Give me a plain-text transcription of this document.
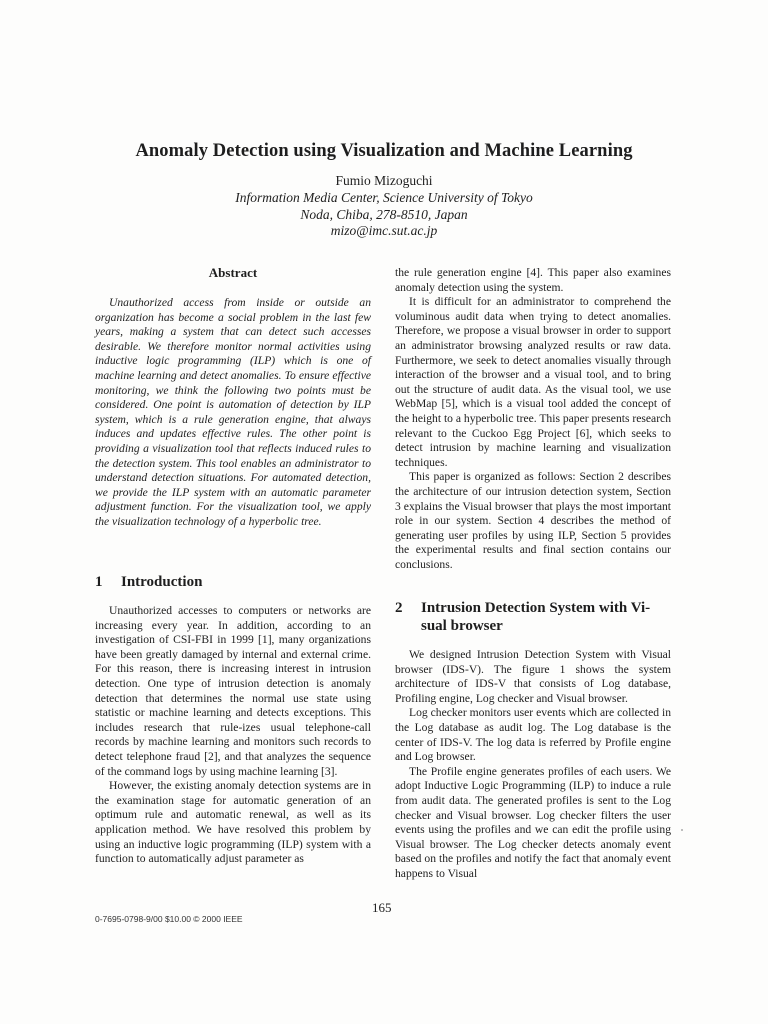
Anomaly Detection using Visualization and Machine Learning
Fumio Mizoguchi
Information Media Center, Science University of Tokyo
Noda, Chiba, 278-8510, Japan
mizo@imc.sut.ac.jp
Abstract

Unauthorized access from inside or outside an organization has become a social problem in the last few years, making a system that can detect such accesses desirable. We therefore monitor normal activities using inductive logic programming (ILP) which is one of machine learning and detect anomalies. To ensure effective monitoring, we think the following two points must be considered. One point is automation of detection by ILP system, which is a rule generation engine, that always induces and updates effective rules. The other point is providing a visualization tool that reflects induced rules to the detection system. This tool enables an administrator to understand detection situations. For automated detection, we provide the ILP system with an automatic parameter adjustment function. For the visualization tool, we apply the visualization technology of a hyperbolic tree.

1 Introduction

Unauthorized accesses to computers or networks are increasing every year. In addition, according to an investigation of CSI-FBI in 1999 [1], many organizations have been greatly damaged by internal and external crime. For this reason, there is increasing interest in intrusion detection. One type of intrusion detection is anomaly detection that determines the normal use state using statistic or machine learning and detects exceptions. This includes research that rule-izes usual telephone-call records by machine learning and monitors such records to detect telephone fraud [2], and that analyzes the sequence of the command logs by using machine learning [3].

However, the existing anomaly detection systems are in the examination stage for automatic generation of an optimum rule and automatic renewal, as well as its application method. We have resolved this problem by using an inductive logic programming (ILP) system with a function to automatically adjust parameter as

the rule generation engine [4]. This paper also examines anomaly detection using the system.

It is difficult for an administrator to comprehend the voluminous audit data when trying to detect anomalies. Therefore, we propose a visual browser in order to support an administrator browsing analyzed results or raw data. Furthermore, we seek to detect anomalies visually through interaction of the browser and a visual tool, and to bring out the structure of audit data. As the visual tool, we use WebMap [5], which is a visual tool added the concept of the height to a hyperbolic tree. This paper presents research relevant to the Cuckoo Egg Project [6], which seeks to detect intrusion by machine learning and visualization techniques.

This paper is organized as follows: Section 2 describes the architecture of our intrusion detection system, Section 3 explains the Visual browser that plays the most important role in our system. Section 4 describes the method of generating user profiles by using ILP, Section 5 provides the experimental results and final section contains our conclusions.

2 Intrusion Detection System with Vi-
sual browser

We designed Intrusion Detection System with Visual browser (IDS-V). The figure 1 shows the system architecture of IDS-V that consists of Log database, Profiling engine, Log checker and Visual browser.

Log checker monitors user events which are collected in the Log database as audit log. The Log database is the center of IDS-V. The log data is referred by Profile engine and Log browser.

The Profile engine generates profiles of each users. We adopt Inductive Logic Programming (ILP) to induce a rule from audit data. The generated profiles is sent to the Log checker and Visual browser. Log checker filters the user events using the profiles and we can edit the profile using Visual browser. The Log checker detects anomaly event based on the profiles and notify the fact that anomaly event happens to Visual

165
0-7695-0798-9/00 $10.00 © 2000 IEEE
